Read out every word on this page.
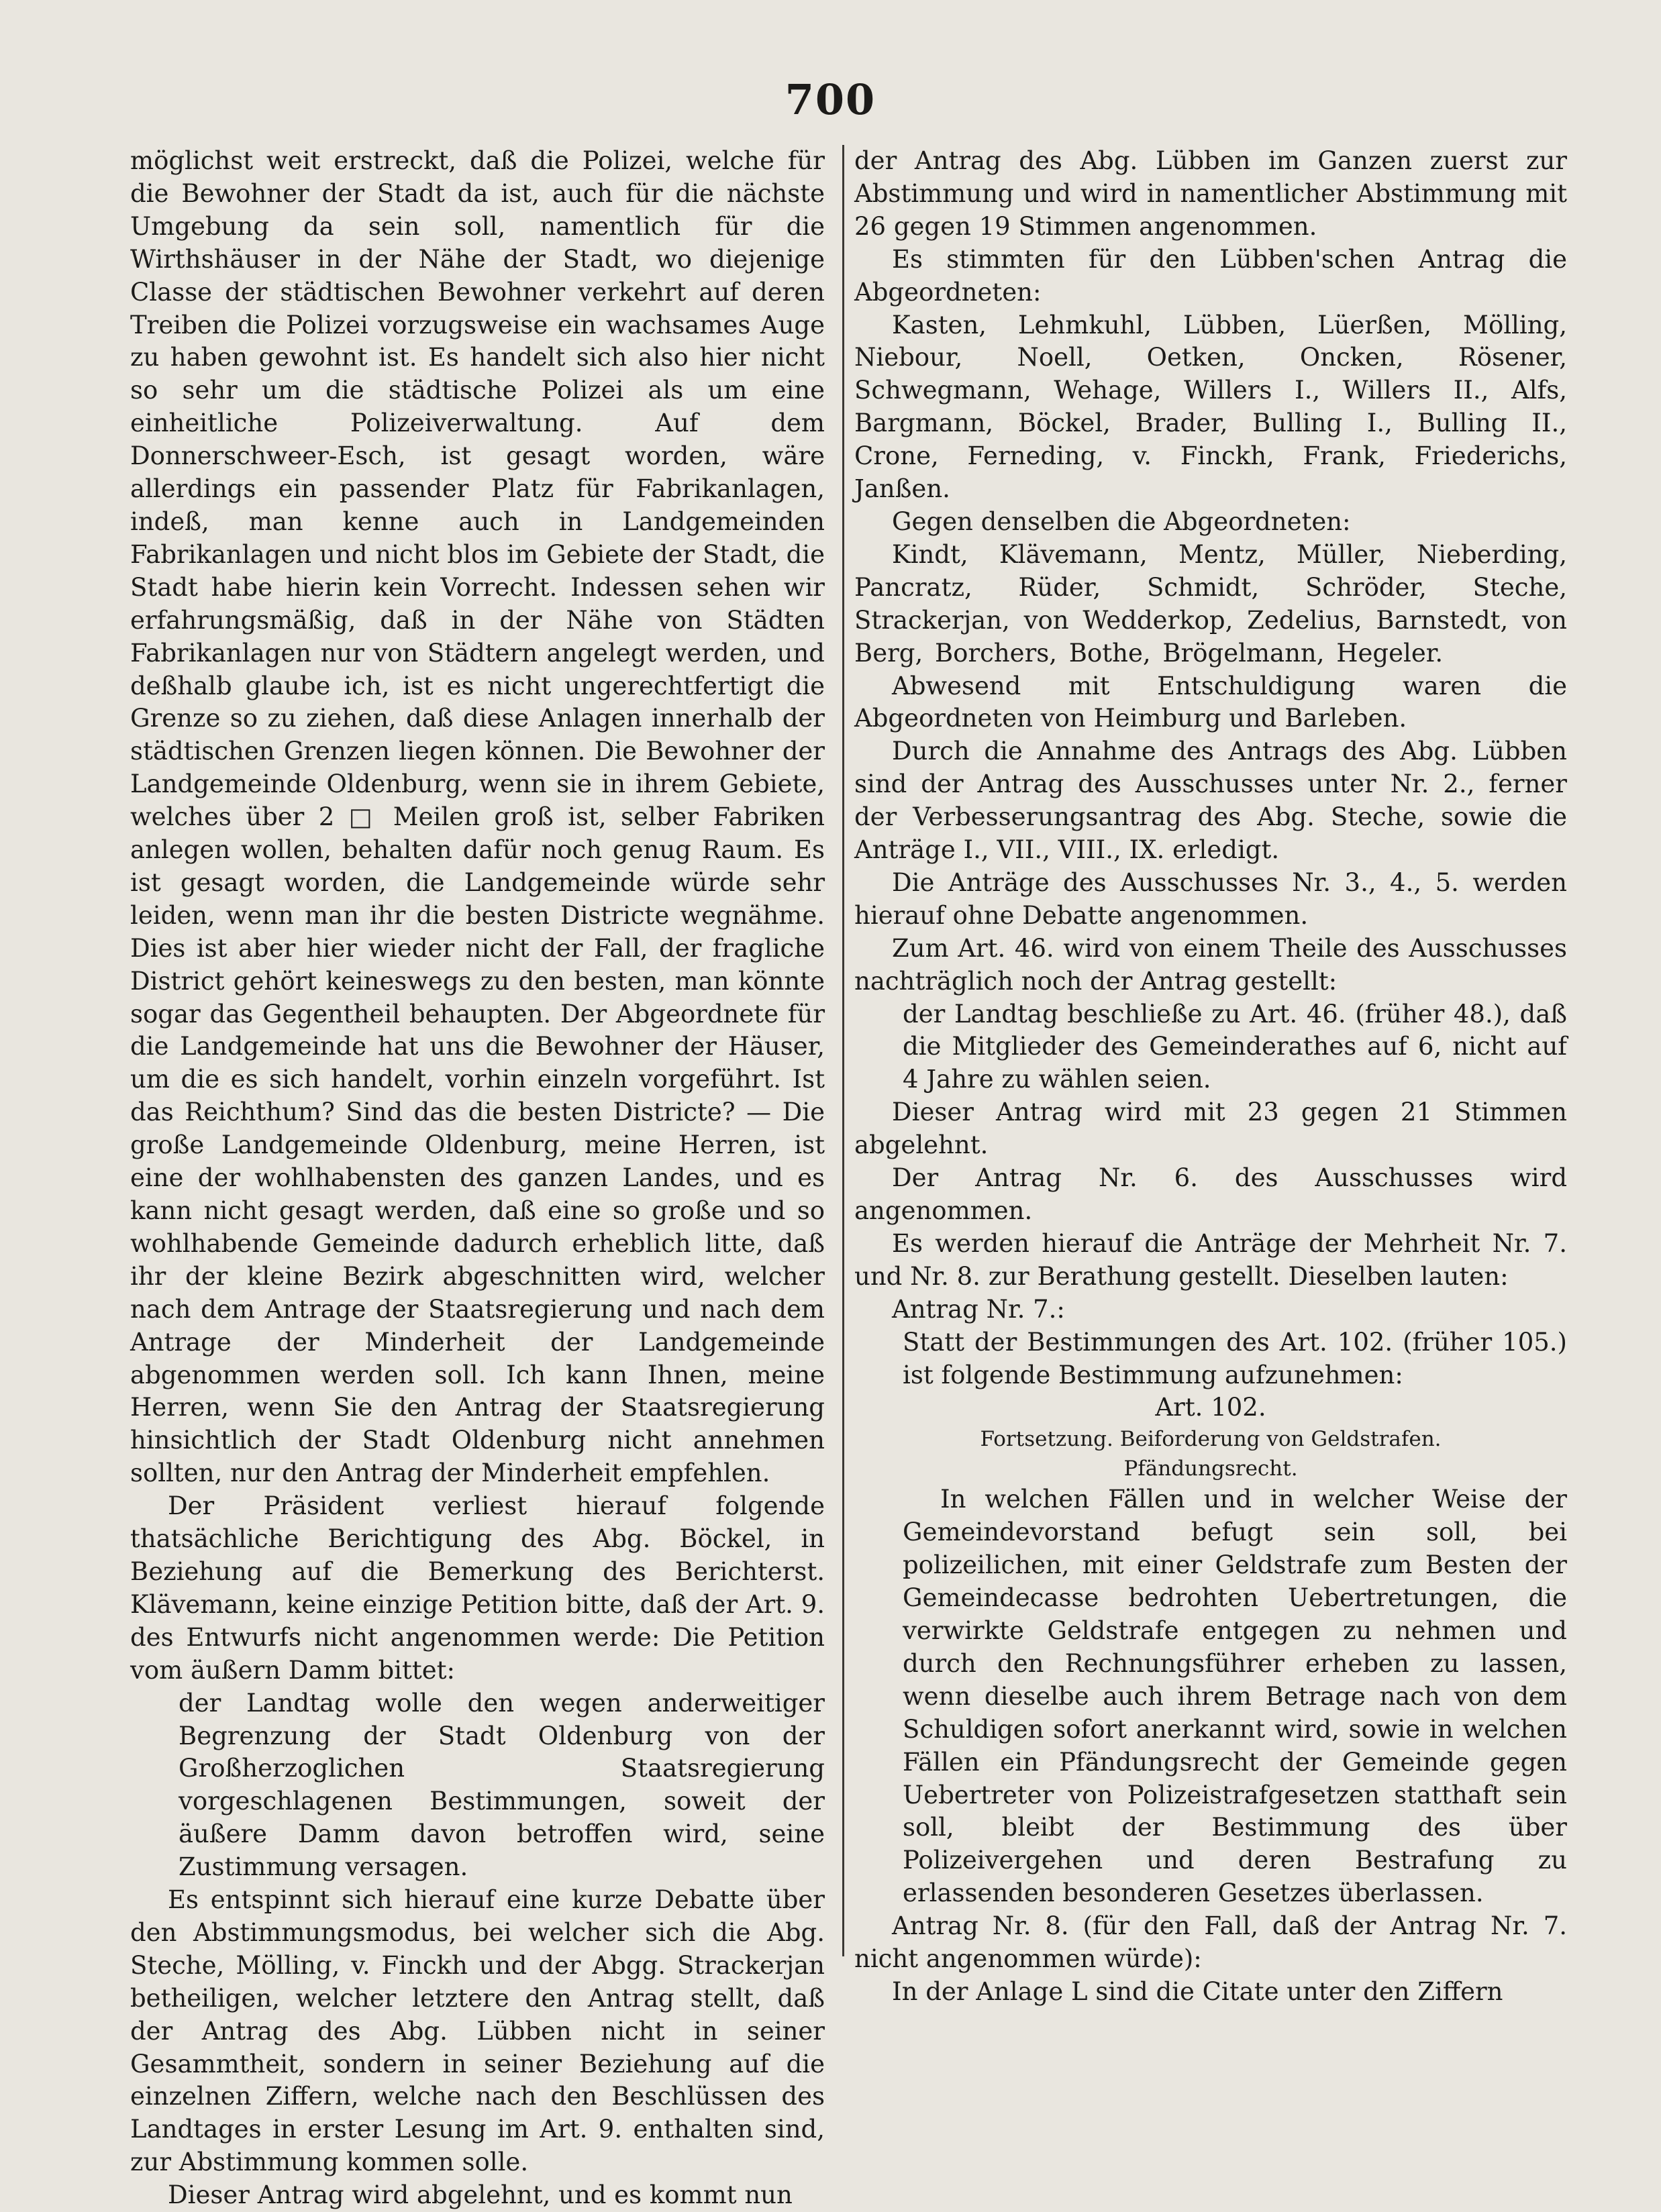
700

möglichst weit erstreckt, daß die Polizei, welche für die Bewohner der Stadt da ist, auch für die nächste Umgebung da sein soll, namentlich für die Wirthshäuser in der Nähe der Stadt, wo diejenige Classe der städtischen Bewohner verkehrt auf deren Treiben die Polizei vorzugsweise ein wachsames Auge zu haben gewohnt ist. Es handelt sich also hier nicht so sehr um die städtische Polizei als um eine einheitliche Polizeiverwaltung. Auf dem Donnerschweer-Esch, ist gesagt worden, wäre allerdings ein passender Platz für Fabrikanlagen, indeß, man kenne auch in Landgemeinden Fabrikanlagen und nicht blos im Gebiete der Stadt, die Stadt habe hierin kein Vorrecht. Indessen sehen wir erfahrungsmäßig, daß in der Nähe von Städten Fabrikanlagen nur von Städtern angelegt werden, und deßhalb glaube ich, ist es nicht ungerechtfertigt die Grenze so zu ziehen, daß diese Anlagen innerhalb der städtischen Grenzen liegen können. Die Bewohner der Landgemeinde Oldenburg, wenn sie in ihrem Gebiete, welches über 2 □ Meilen groß ist, selber Fabriken anlegen wollen, behalten dafür noch genug Raum. Es ist gesagt worden, die Landgemeinde würde sehr leiden, wenn man ihr die besten Districte wegnähme. Dies ist aber hier wieder nicht der Fall, der fragliche District gehört keineswegs zu den besten, man könnte sogar das Gegentheil behaupten. Der Abgeordnete für die Landgemeinde hat uns die Bewohner der Häuser, um die es sich handelt, vorhin einzeln vorgeführt. Ist das Reichthum? Sind das die besten Districte? — Die große Landgemeinde Oldenburg, meine Herren, ist eine der wohlhabensten des ganzen Landes, und es kann nicht gesagt werden, daß eine so große und so wohlhabende Gemeinde dadurch erheblich litte, daß ihr der kleine Bezirk abgeschnitten wird, welcher nach dem Antrage der Staatsregierung und nach dem Antrage der Minderheit der Landgemeinde abgenommen werden soll. Ich kann Ihnen, meine Herren, wenn Sie den Antrag der Staatsregierung hinsichtlich der Stadt Oldenburg nicht annehmen sollten, nur den Antrag der Minderheit empfehlen.

Der Präsident verliest hierauf folgende thatsächliche Berichtigung des Abg. Böckel, in Beziehung auf die Bemerkung des Berichterst. Klävemann, keine einzige Petition bitte, daß der Art. 9. des Entwurfs nicht angenommen werde: Die Petition vom äußern Damm bittet:

der Landtag wolle den wegen anderweitiger Begrenzung der Stadt Oldenburg von der Großherzoglichen Staatsregierung vorgeschlagenen Bestimmungen, soweit der äußere Damm davon betroffen wird, seine Zustimmung versagen.

Es entspinnt sich hierauf eine kurze Debatte über den Abstimmungsmodus, bei welcher sich die Abg. Steche, Mölling, v. Finckh und der Abgg. Strackerjan betheiligen, welcher letztere den Antrag stellt, daß der Antrag des Abg. Lübben nicht in seiner Gesammtheit, sondern in seiner Beziehung auf die einzelnen Ziffern, welche nach den Beschlüssen des Landtages in erster Lesung im Art. 9. enthalten sind, zur Abstimmung kommen solle.

Dieser Antrag wird abgelehnt, und es kommt nun

der Antrag des Abg. Lübben im Ganzen zuerst zur Abstimmung und wird in namentlicher Abstimmung mit 26 gegen 19 Stimmen angenommen.

Es stimmten für den Lübben'schen Antrag die Abgeordneten:

Kasten, Lehmkuhl, Lübben, Lüerßen, Mölling, Niebour, Noell, Oetken, Oncken, Rösener, Schwegmann, Wehage, Willers I., Willers II., Alfs, Bargmann, Böckel, Brader, Bulling I., Bulling II., Crone, Ferneding, v. Finckh, Frank, Friederichs, Janßen.

Gegen denselben die Abgeordneten:

Kindt, Klävemann, Mentz, Müller, Nieberding, Pancratz, Rüder, Schmidt, Schröder, Steche, Strackerjan, von Wedderkop, Zedelius, Barnstedt, von Berg, Borchers, Bothe, Brögelmann, Hegeler.

Abwesend mit Entschuldigung waren die Abgeordneten von Heimburg und Barleben.

Durch die Annahme des Antrags des Abg. Lübben sind der Antrag des Ausschusses unter Nr. 2., ferner der Verbesserungsantrag des Abg. Steche, sowie die Anträge I., VII., VIII., IX. erledigt.

Die Anträge des Ausschusses Nr. 3., 4., 5. werden hierauf ohne Debatte angenommen.

Zum Art. 46. wird von einem Theile des Ausschusses nachträglich noch der Antrag gestellt:

der Landtag beschließe zu Art. 46. (früher 48.), daß die Mitglieder des Gemeinderathes auf 6, nicht auf 4 Jahre zu wählen seien.

Dieser Antrag wird mit 23 gegen 21 Stimmen abgelehnt.

Der Antrag Nr. 6. des Ausschusses wird angenommen.

Es werden hierauf die Anträge der Mehrheit Nr. 7. und Nr. 8. zur Berathung gestellt. Dieselben lauten:

Antrag Nr. 7.:

Statt der Bestimmungen des Art. 102. (früher 105.) ist folgende Bestimmung aufzunehmen:

Art. 102.

Fortsetzung. Beiforderung von Geldstrafen.

Pfändungsrecht.

In welchen Fällen und in welcher Weise der Gemeindevorstand befugt sein soll, bei polizeilichen, mit einer Geldstrafe zum Besten der Gemeindecasse bedrohten Uebertretungen, die verwirkte Geldstrafe entgegen zu nehmen und durch den Rechnungsführer erheben zu lassen, wenn dieselbe auch ihrem Betrage nach von dem Schuldigen sofort anerkannt wird, sowie in welchen Fällen ein Pfändungsrecht der Gemeinde gegen Uebertreter von Polizeistrafgesetzen statthaft sein soll, bleibt der Bestimmung des über Polizeivergehen und deren Bestrafung zu erlassenden besonderen Gesetzes überlassen.

Antrag Nr. 8. (für den Fall, daß der Antrag Nr. 7. nicht angenommen würde):

In der Anlage L sind die Citate unter den Ziffern
